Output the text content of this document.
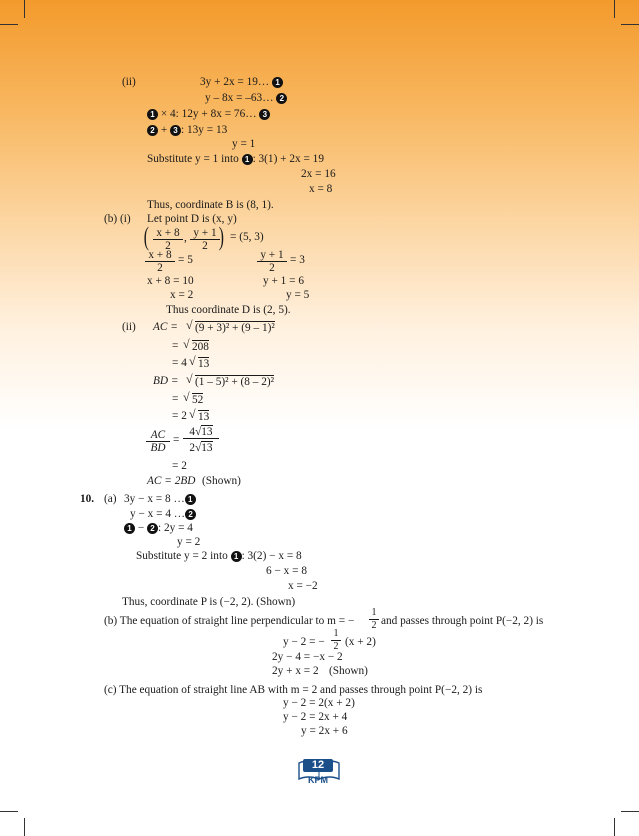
(ii)	3y + 2x = 19… 1
y – 8x = –63… 2
1 × 4: 12y + 8x = 76… 3
2 + 3 : 13y = 13
y = 1
Substitute y = 1 into 1 : 3(1) + 2x = 19
2x = 16
x = 8
Thus, coordinate B is (8, 1).
(b) (i) Let point D is (x, y)
( $\frac{x + 8}{2}$ , $\frac{y + 1}{2}$
) = (5, 3)
$\frac{x + 8}{2} = 5$	$\frac{y + 1}{2} = 3$
x + 8 = 10	y + 1 = 6
x = 2	y = 5
Thus coordinate D is (2, 5).
(ii) AC = √ (9 + 3)² + (9 – 1)²
= √ 208
= 4 √ 13
BD = √ (1 – 5)² + (8 – 2)²
= √ 52
= 2 √ 13
$\frac{AC}{BD} = \frac{4√13}{2√13}$
= 2
AC = 2BD (Shown)
10. (a) 3y − x = 8 … 1
y − x = 4 … 2
1 − 2 : 2y = 4
y = 2
Substitute y = 2 into 1 : 3(2) − x = 8
6 − x = 8
x = −2
Thus, coordinate P is (−2, 2). (Shown)
(b) The equation of straight line perpendicular to m = − $\frac{1}{2}$ and passes through point P(−2, 2) is
y − 2 = − $\frac{1}{2} (x + 2)$
2y − 4 = −x − 2
2y + x = 2 (Shown)
(c) The equation of straight line AB with m = 2 and passes through point P(−2, 2) is
y − 2 = 2(x + 2)
y − 2 = 2x + 4
y = 2x + 6
12
KPM
